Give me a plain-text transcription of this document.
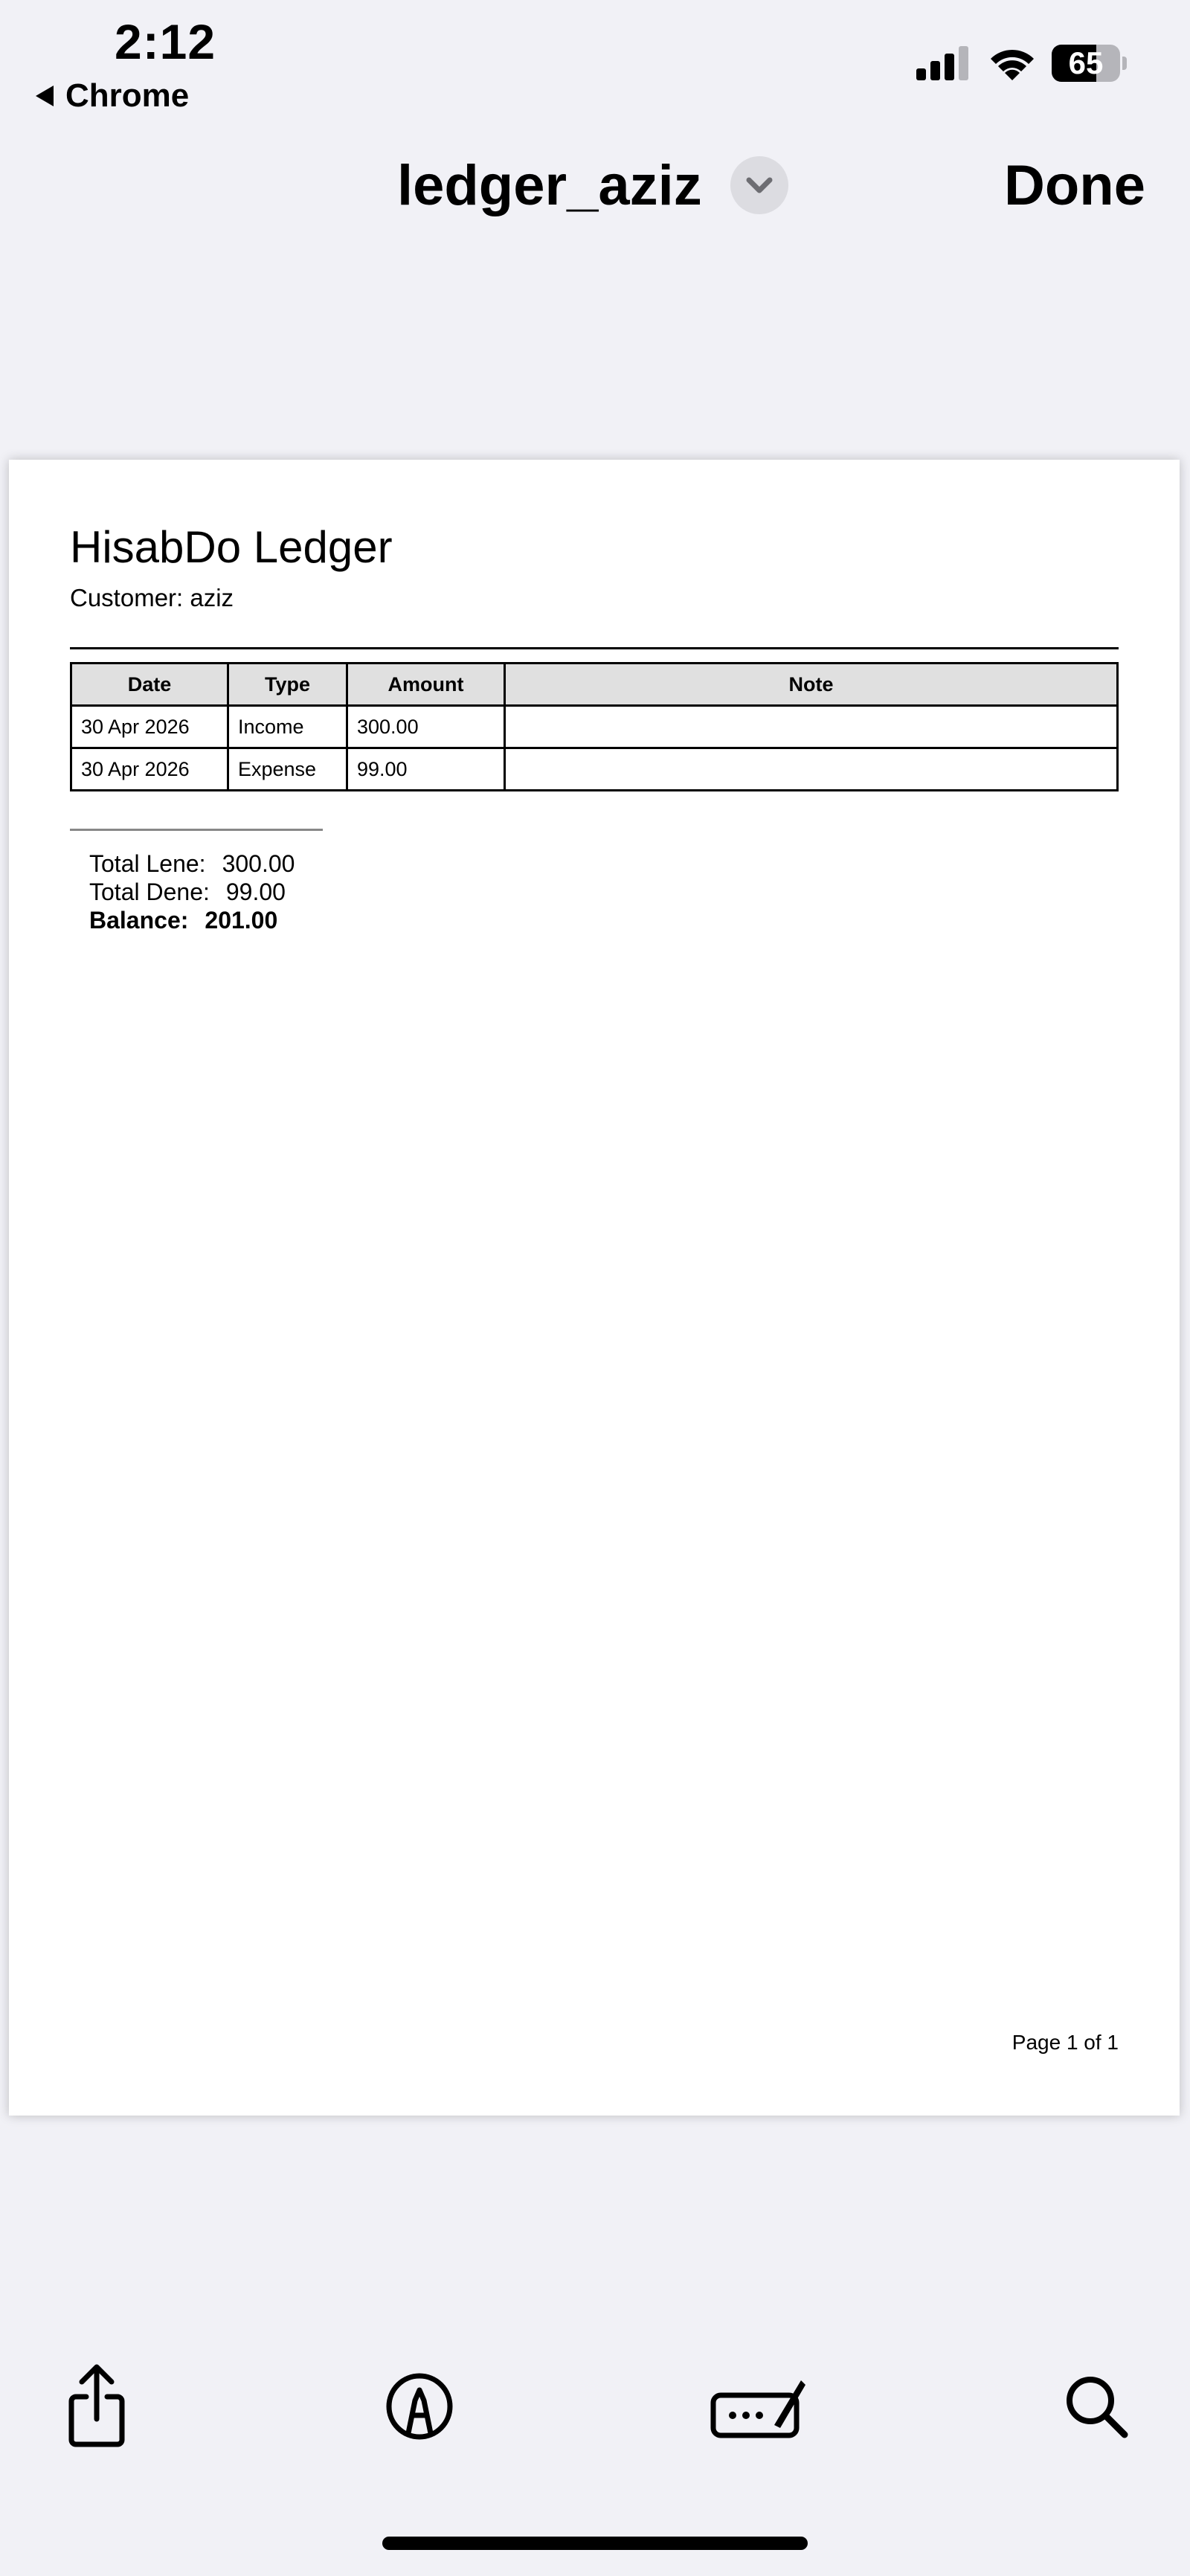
2:12
Chrome
65
ledger_aziz	Done
HisabDo Ledger
Customer: aziz
Date	Type	Amount	Note
30 Apr 2026	Income	300.00	
30 Apr 2026	Expense	99.00	
Total Lene: 300.00
Total Dene: 99.00
Balance: 201.00
Page 1 of 1
